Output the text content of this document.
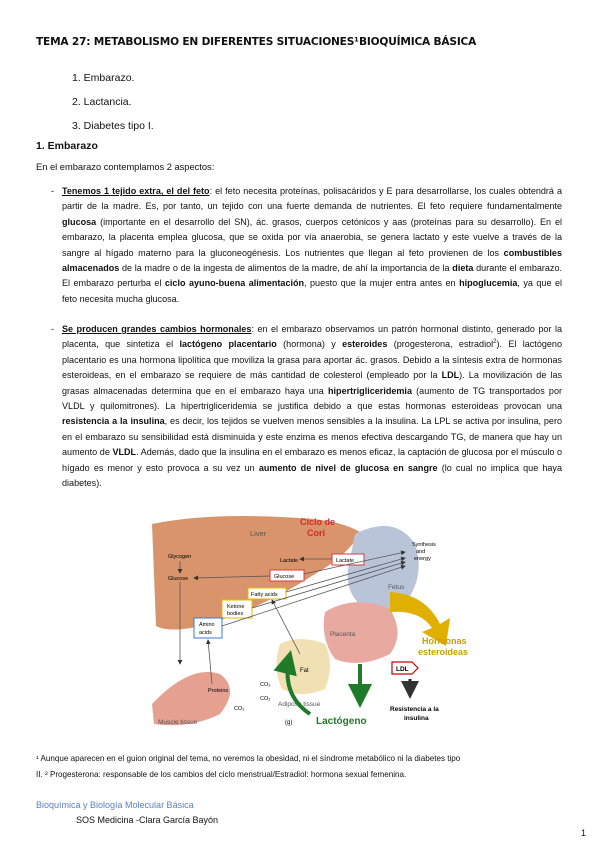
TEMA 27: METABOLISMO EN DIFERENTES SITUACIONES¹ BIOQUÍMICA BÁSICA
1. Embarazo.
2. Lactancia.
3. Diabetes tipo I.
1. Embarazo
En el embarazo contemplamos 2 aspectos:
- Tenemos 1 tejido extra, el del feto: el feto necesita proteínas, polisacáridos y E para desarrollarse, los cuales obtendrá a partir de la madre. Es, por tanto, un tejido con una fuerte demanda de nutrientes. El feto requiere fundamentalmente glucosa (importante en el desarrollo del SN), ác. grasos, cuerpos cetónicos y aas (proteínas para su desarrollo). En el embarazo, la placenta emplea glucosa, que se oxida por vía anaerobia, se genera lactato y este vuelve a través de la sangre al hígado materno para la gluconeogénesis. Los nutrientes que llegan al feto provienen de los combustibles almacenados de la madre o de la ingesta de alimentos de la madre, de ahí la importancia de la dieta durante el embarazo. El embarazo perturba el ciclo ayuno-buena alimentación, puesto que la mujer entra antes en hipoglucemia, ya que el feto necesita mucha glucosa.

- Se producen grandes cambios hormonales: en el embarazo observamos un patrón hormonal distinto, generado por la placenta, que sintetiza el lactógeno placentario (hormona) y esteroides (progesterona, estradiol$^2$). El lactógeno placentario es una hormona lipolítica que moviliza la grasa para aportar ác. grasos. Debido a la síntesis extra de hormonas esteroideas, en el embarazo se requiere de más cantidad de colesterol (empleado por la LDL). La movilización de las grasas almacenadas determina que en el embarazo haya una hipertrigliceridemia (aumento de TG transportados por VLDL y quilomitrones). La hipertrigliceridemia se justifica debido a que estas hormonas esteroideas provocan una resistencia a la insulina, es decir, los tejidos se vuelven menos sensibles a la insulina. La LPL se activa por insulina, pero en el embarazo su sensibilidad está disminuida y este enzima es menos efectiva descargando TG, de manera que hay un aumento de VLDL. Además, dado que la insulina en el embarazo es menos eficaz, la captación de glucosa por el músculo o hígado es menor y esto provoca a su vez un aumento de nivel de glucosa en sangre (lo cual no implica que haya diabetes).

Ciclo de
Cori
Liver
Glycogen
Glucose
Lactate
Lactate
Glucose
Fatty acids
Ketone
bodies
Amino
acids
Synthesis
and
energy
Fetus
Placenta
Hormonas
esteroideas
LDL
Proteins
CO₂
CO₂
CO₂
Fat
Adipose tissue
Muscle tissue	(g) Lactógeno
Resistencia a la
insulina
¹ Aunque aparecen en el guion original del tema, no veremos la obesidad, ni el síndrome metabólico ni la diabetes tipo
II. ² Progesterona: responsable de los cambios del ciclo menstrual/Estradiol: hormona sexual femenina.
Bioquímica y Biología Molecular Básica
SOS Medicina -Clara García Bayón
1
